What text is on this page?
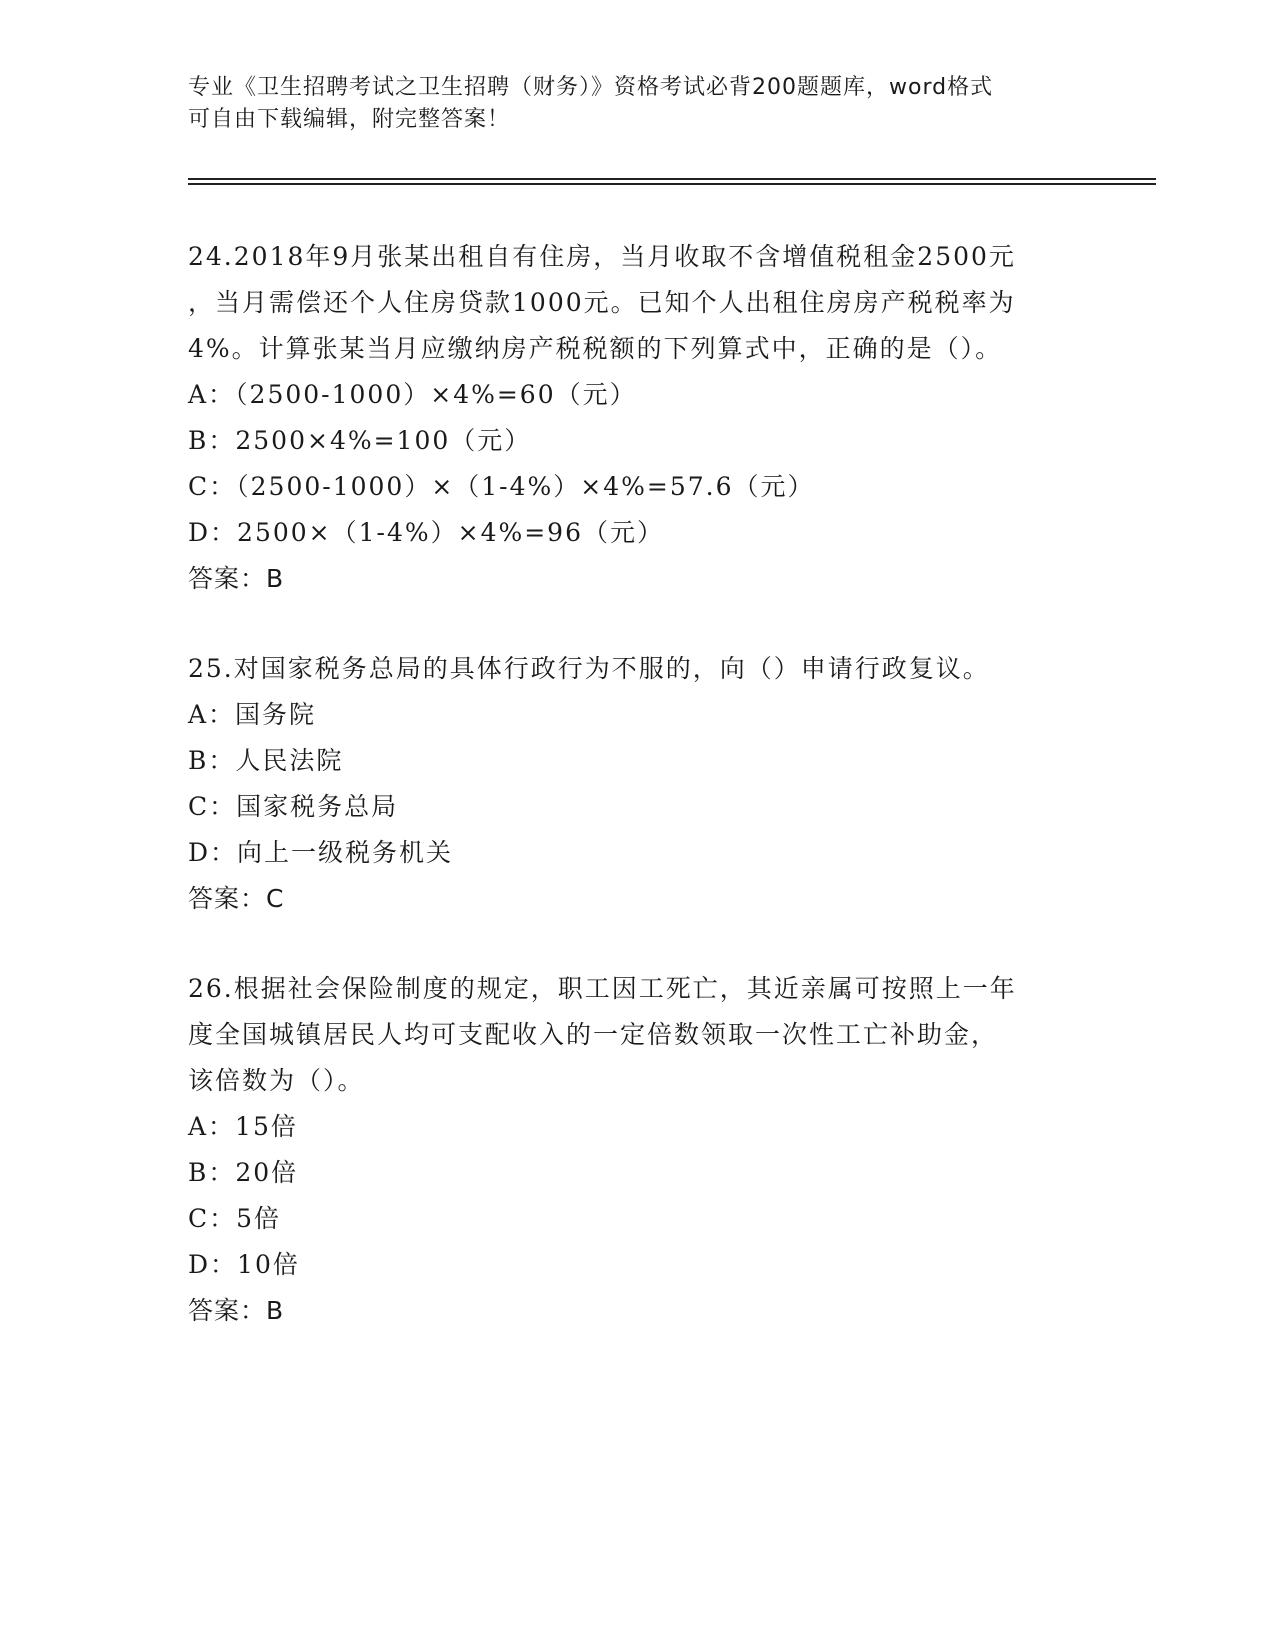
专业《卫生招聘考试之卫生招聘（财务）》资格考试必背200题题库，word格式
可自由下载编辑，附完整答案！
24.2018年9月张某出租自有住房，当月收取不含增值税租金2500元
，当月需偿还个人住房贷款1000元。已知个人出租住房房产税税率为
4%。计算张某当月应缴纳房产税税额的下列算式中，正确的是（）。
A：（2500-1000）×4%=60（元）
B：2500×4%=100（元）
C：（2500-1000）×（1-4%）×4%=57.6（元）
D：2500×（1-4%）×4%=96（元）
答案：B
25.对国家税务总局的具体行政行为不服的，向（）申请行政复议。
A：国务院
B：人民法院
C：国家税务总局
D：向上一级税务机关
答案：C
26.根据社会保险制度的规定，职工因工死亡，其近亲属可按照上一年
度全国城镇居民人均可支配收入的一定倍数领取一次性工亡补助金，
该倍数为（）。
A：15倍
B：20倍
C：5倍
D：10倍
答案：B
